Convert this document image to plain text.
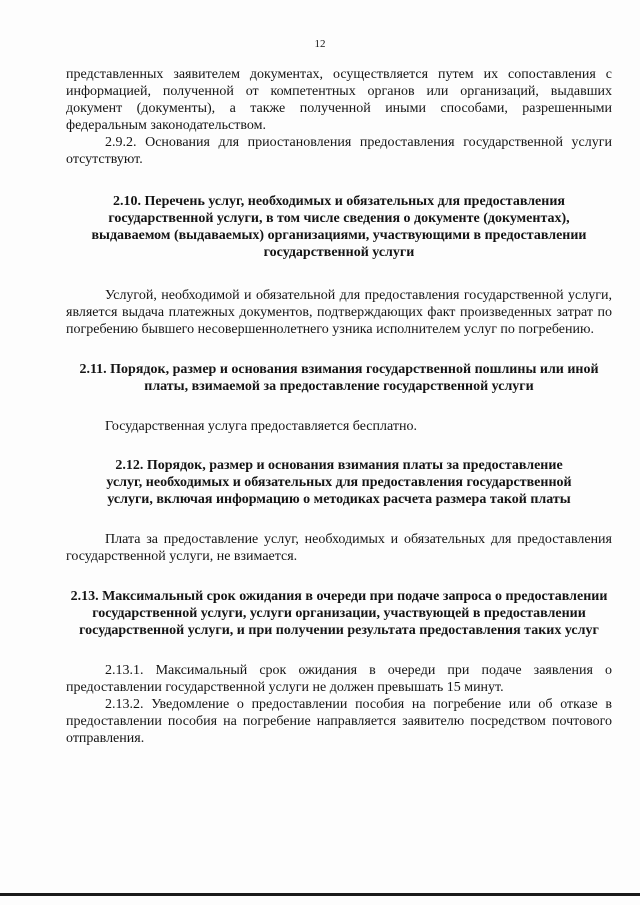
12

представленных заявителем документах, осуществляется путем их сопоставления с информацией, полученной от компетентных органов или организаций, выдавших документ (документы), а также полученной иными способами, разрешенными федеральным законодательством.

2.9.2. Основания для приостановления предоставления государственной услуги отсутствуют.

2.10. Перечень услуг, необходимых и обязательных для предоставления государственной услуги, в том числе сведения о документе (документах), выдаваемом (выдаваемых) организациями, участвующими в предоставлении государственной услуги

Услугой, необходимой и обязательной для предоставления государственной услуги, является выдача платежных документов, подтверждающих факт произведенных затрат по погребению бывшего несовершеннолетнего узника исполнителем услуг по погребению.

2.11. Порядок, размер и основания взимания государственной пошлины или иной платы, взимаемой за предоставление государственной услуги

Государственная услуга предоставляется бесплатно.

2.12. Порядок, размер и основания взимания платы за предоставление услуг, необходимых и обязательных для предоставления государственной услуги, включая информацию о методиках расчета размера такой платы

Плата за предоставление услуг, необходимых и обязательных для предоставления государственной услуги, не взимается.

2.13. Максимальный срок ожидания в очереди при подаче запроса о предоставлении государственной услуги, услуги организации, участвующей в предоставлении государственной услуги, и при получении результата предоставления таких услуг

2.13.1. Максимальный срок ожидания в очереди при подаче заявления о предоставлении государственной услуги не должен превышать 15 минут.

2.13.2. Уведомление о предоставлении пособия на погребение или об отказе в предоставлении пособия на погребение направляется заявителю посредством почтового отправления.
